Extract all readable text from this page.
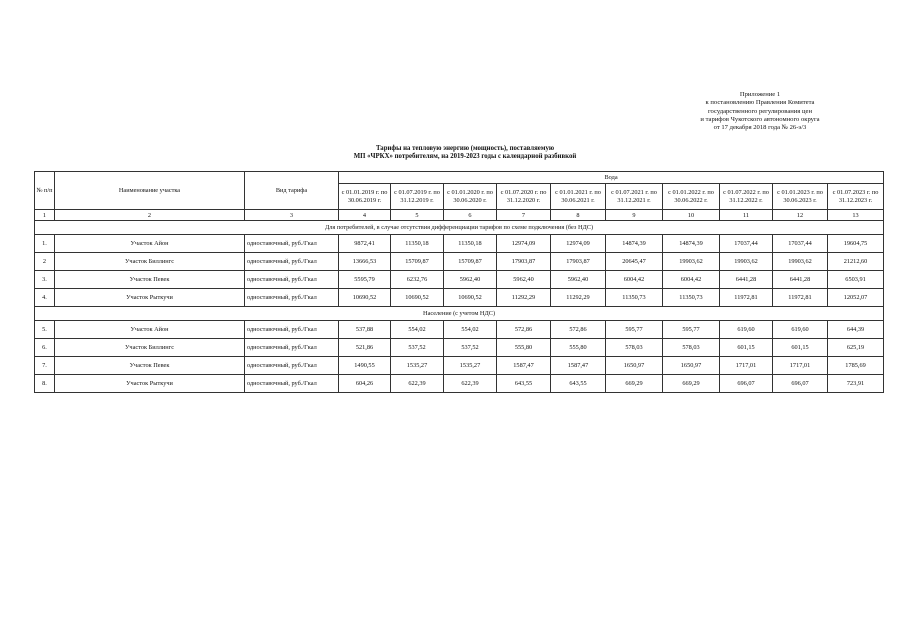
Приложение 1
к постановлению Правления Комитета
государственного регулирования цен
и тарифов Чукотского автономного округа
от 17 декабря 2018 года № 26-э/3
Тарифы на тепловую энергию (мощность), поставляемую
МП «ЧРКХ» потребителям, на 2019-2023 годы с календарной разбивкой
№ п/п	Наименование участка	Вид тарифа	Вода									
			с 01.01.2019 г. по 30.06.2019 г.	с 01.07.2019 г. по 31.12.2019 г.	с 01.01.2020 г. по 30.06.2020 г.	с 01.07.2020 г. по 31.12.2020 г.	с 01.01.2021 г. по 30.06.2021 г.	с 01.07.2021 г. по 31.12.2021 г.	с 01.01.2022 г. по 30.06.2022 г.	с 01.07.2022 г. по 31.12.2022 г.	с 01.01.2023 г. по 30.06.2023 г.	с 01.07.2023 г. по 31.12.2023 г.
1	2	3	4	5	6	7	8	9	10	11	12	13
Для потребителей, в случае отсутствия дифференциации тарифов по схеме подключения (без НДС)												
1.	Участок Айон	одноставочный, руб./Гкал	9872,41	11350,18	11350,18	12974,09	12974,09	14874,39	14874,39	17037,44	17037,44	19604,75
2	Участок Биллингс	одноставочный, руб./Гкал	13666,53	15709,87	15709,87	17903,87	17903,87	20645,47	19903,62	19903,62	19903,62	21212,60
3.	Участок Певек	одноставочный, руб./Гкал	5595,79	6232,76	5962,40	5962,40	5962,40	6004,42	6004,42	6441,28	6441,28	6503,91
4.	Участок Рыткучи	одноставочный, руб./Гкал	10690,52	10690,52	10690,52	11292,29	11292,29	11350,73	11350,73	11972,81	11972,81	12052,07
Население (с учетом НДС)												
5.	Участок Айон	одноставочный, руб./Гкал	537,88	554,02	554,02	572,86	572,86	595,77	595,77	619,60	619,60	644,39
6.	Участок Биллингс	одноставочный, руб./Гкал	521,86	537,52	537,52	555,80	555,80	578,03	578,03	601,15	601,15	625,19
7.	Участок Певек	одноставочный, руб./Гкал	1490,55	1535,27	1535,27	1587,47	1587,47	1650,97	1650,97	1717,01	1717,01	1785,69
8.	Участок Рыткучи	одноставочный, руб./Гкал	604,26	622,39	622,39	643,55	643,55	669,29	669,29	696,07	696,07	723,91
